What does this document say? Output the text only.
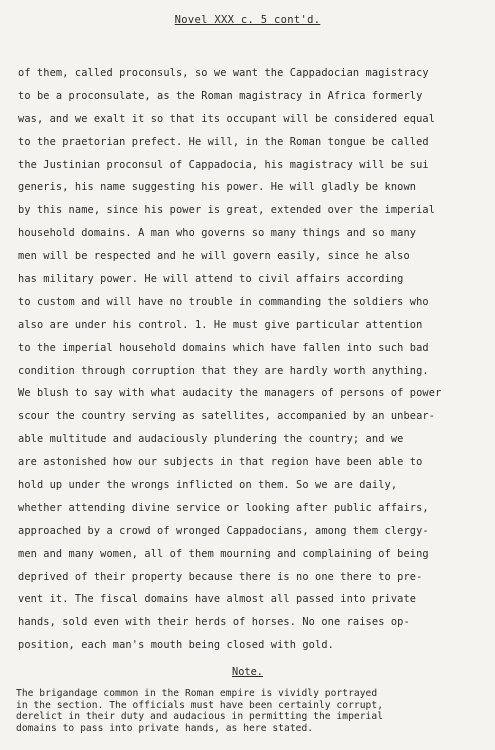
Novel XXX c. 5 cont'd.
of them, called proconsuls, so we want the Cappadocian magistracy
to be a proconsulate, as the Roman magistracy in Africa formerly
was, and we exalt it so that its occupant will be considered equal
to the praetorian prefect. He will, in the Roman tongue be called
the Justinian proconsul of Cappadocia, his magistracy will be sui
generis, his name suggesting his power. He will gladly be known
by this name, since his power is great, extended over the imperial
household domains. A man who governs so many things and so many
men will be respected and he will govern easily, since he also
has military power. He will attend to civil affairs according
to custom and will have no trouble in commanding the soldiers who
also are under his control. 1. He must give particular attention
to the imperial household domains which have fallen into such bad
condition through corruption that they are hardly worth anything.
We blush to say with what audacity the managers of persons of power
scour the country serving as satellites, accompanied by an unbear-
able multitude and audaciously plundering the country; and we
are astonished how our subjects in that region have been able to
hold up under the wrongs inflicted on them. So we are daily,
whether attending divine service or looking after public affairs,
approached by a crowd of wronged Cappadocians, among them clergy-
men and many women, all of them mourning and complaining of being
deprived of their property because there is no one there to pre-
vent it. The fiscal domains have almost all passed into private
hands, sold even with their herds of horses. No one raises op-
position, each man's mouth being closed with gold.
Note.
The brigandage common in the Roman empire is vividly portrayed
in the section. The officials must have been certainly corrupt,
derelict in their duty and audacious in permitting the imperial
domains to pass into private hands, as here stated.
